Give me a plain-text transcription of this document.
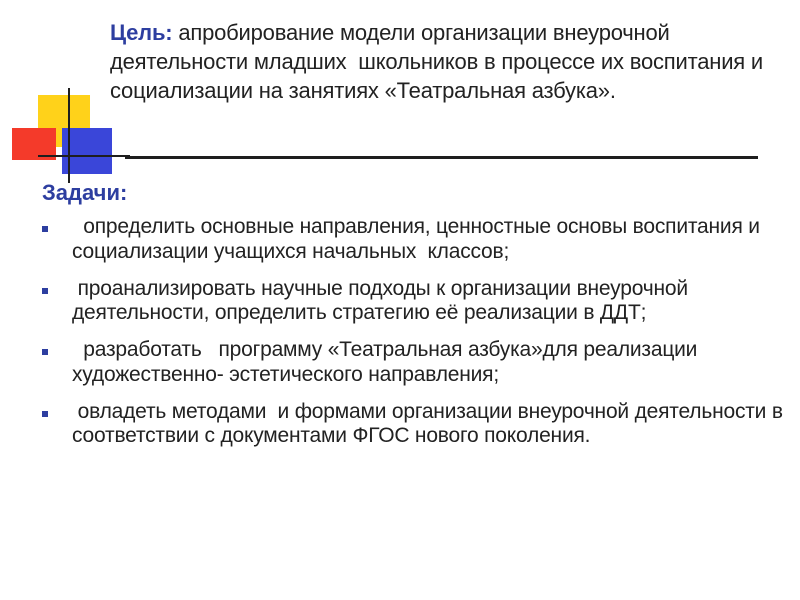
Цель: апробирование модели организации внеурочной деятельности младших  школьников в процессе их воспитания и социализации на занятиях «Театральная азбука».
Задачи:
определить основные направления, ценностные основы воспитания и социализации учащихся начальных  классов;
проанализировать научные подходы к организации внеурочной деятельности, определить стратегию её реализации в ДДТ;
разработать   программу «Театральная азбука»для реализации  художественно- эстетического направления;
овладеть методами  и формами организации внеурочной деятельности в соответствии с документами ФГОС нового поколения.
